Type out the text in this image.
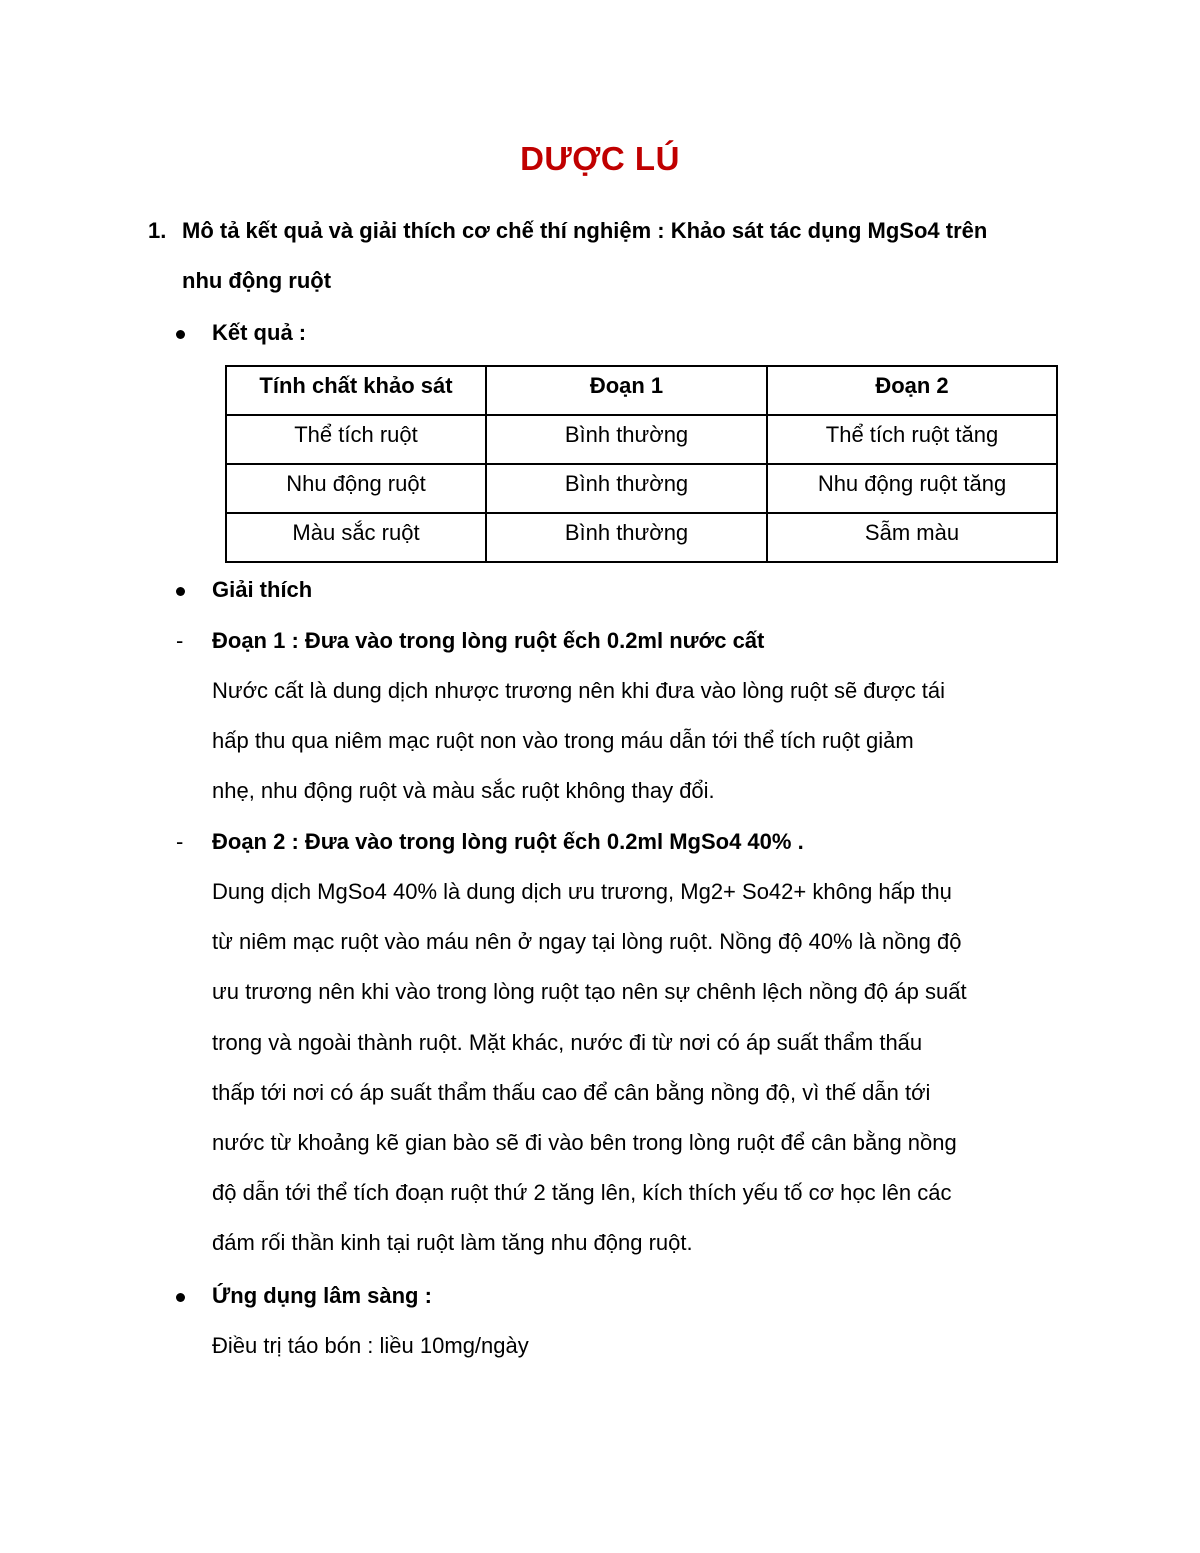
DƯỢC LÚ
1. Mô tả kết quả và giải thích cơ chế thí nghiệm : Khảo sát tác dụng MgSo4 trên
nhu động ruột
Kết quả :
Tính chất khảo sát	Đoạn 1	Đoạn 2
Thể tích ruột	Bình thường	Thể tích ruột tăng
Nhu động ruột	Bình thường	Nhu động ruột tăng
Màu sắc ruột	Bình thường	Sẫm màu
Giải thích
- Đoạn 1 : Đưa vào trong lòng ruột ếch 0.2ml nước cất
Nước cất là dung dịch nhược trương nên khi đưa vào lòng ruột sẽ được tái
hấp thu qua niêm mạc ruột non vào trong máu dẫn tới thể tích ruột giảm
nhẹ, nhu động ruột và màu sắc ruột không thay đổi.
- Đoạn 2 : Đưa vào trong lòng ruột ếch 0.2ml MgSo4 40% .
Dung dịch MgSo4 40% là dung dịch ưu trương, Mg2+ So42+ không hấp thụ
từ niêm mạc ruột vào máu nên ở ngay tại lòng ruột. Nồng độ 40% là nồng độ
ưu trương nên khi vào trong lòng ruột tạo nên sự chênh lệch nồng độ áp suất
trong và ngoài thành ruột. Mặt khác, nước đi từ nơi có áp suất thẩm thấu
thấp tới nơi có áp suất thẩm thấu cao để cân bằng nồng độ, vì thế dẫn tới
nước từ khoảng kẽ gian bào sẽ đi vào bên trong lòng ruột để cân bằng nồng
độ dẫn tới thể tích đoạn ruột thứ 2 tăng lên, kích thích yếu tố cơ học lên các
đám rối thần kinh tại ruột làm tăng nhu động ruột.
Ứng dụng lâm sàng :
Điều trị táo bón : liều 10mg/ngày
